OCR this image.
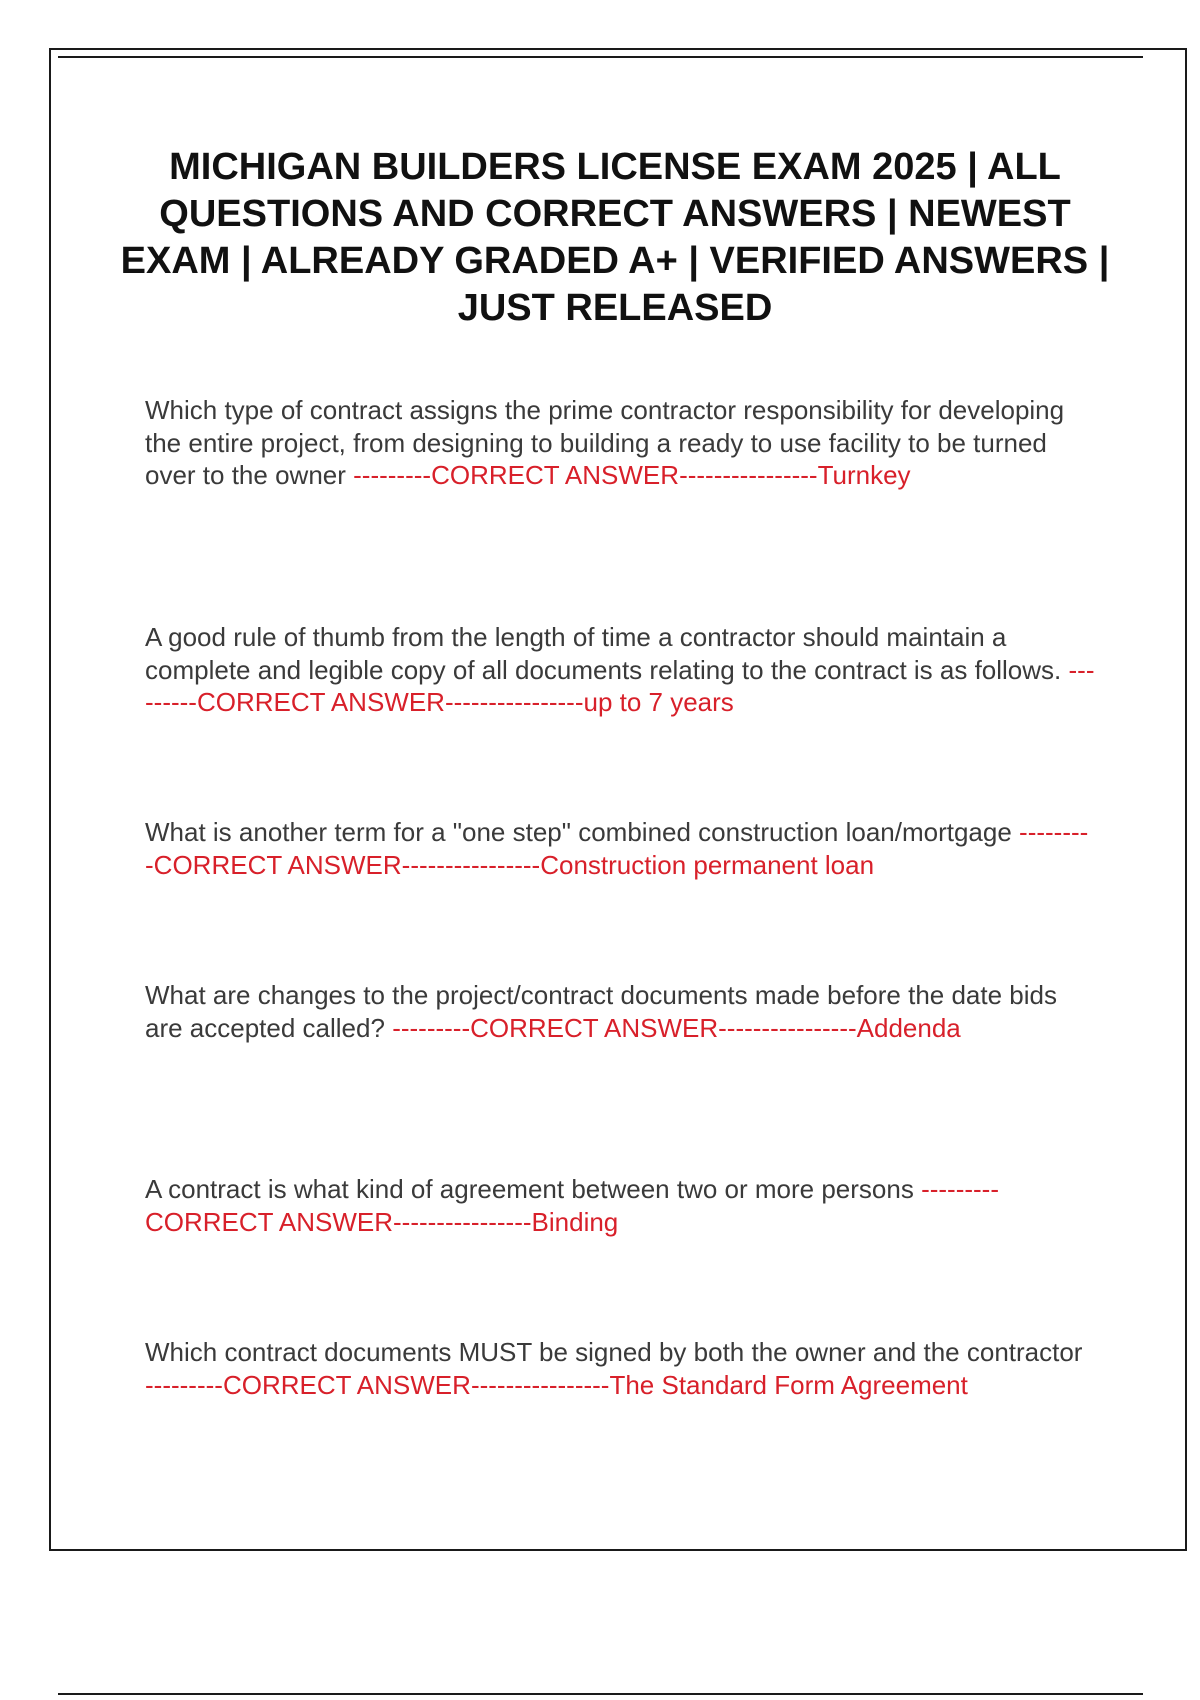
MICHIGAN BUILDERS LICENSE EXAM 2025 | ALL QUESTIONS AND CORRECT ANSWERS | NEWEST EXAM | ALREADY GRADED A+ | VERIFIED ANSWERS | JUST RELEASED

Which type of contract assigns the prime contractor responsibility for developing the entire project, from designing to building a ready to use facility to be turned over to the owner ---------CORRECT ANSWER----------------Turnkey

A good rule of thumb from the length of time a contractor should maintain a complete and legible copy of all documents relating to the contract is as follows. ---------CORRECT ANSWER----------------up to 7 years

What is another term for a "one step" combined construction loan/mortgage ---------CORRECT ANSWER----------------Construction permanent loan

What are changes to the project/contract documents made before the date bids are accepted called? ---------CORRECT ANSWER----------------Addenda

A contract is what kind of agreement between two or more persons ---------CORRECT ANSWER----------------Binding

Which contract documents MUST be signed by both the owner and the contractor ---------CORRECT ANSWER----------------The Standard Form Agreement
